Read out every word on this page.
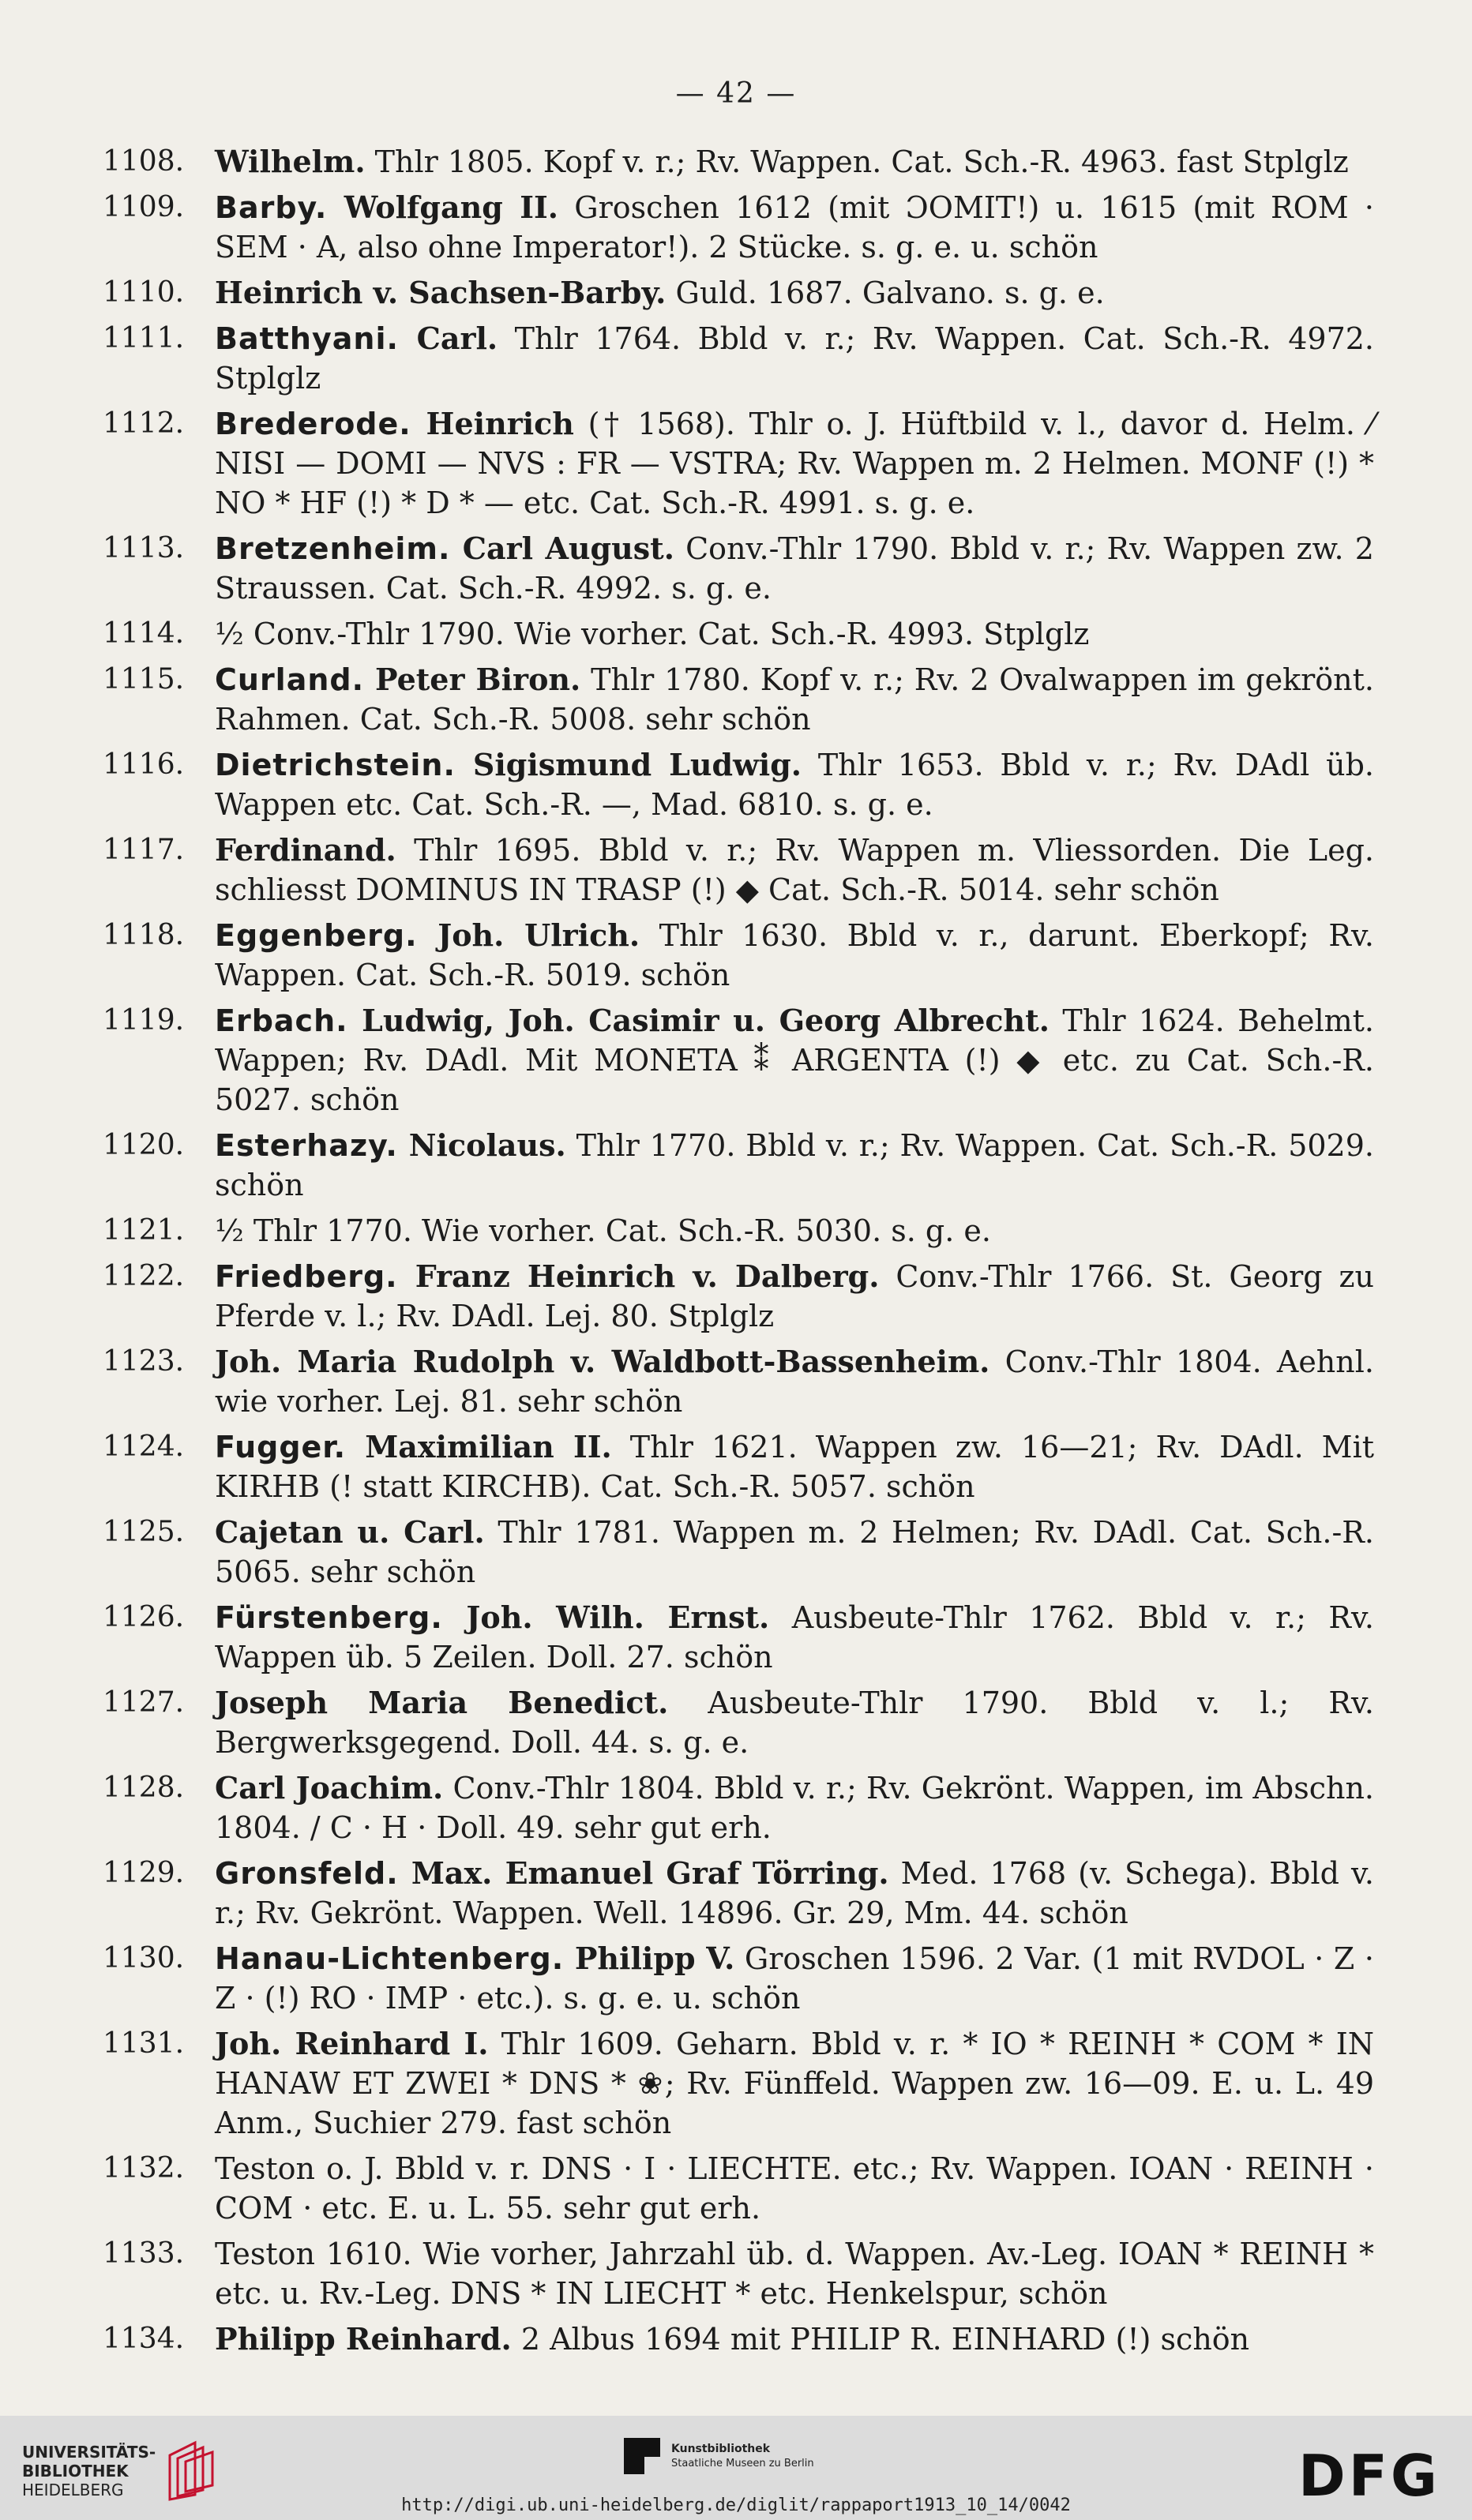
— 42 —
1108. Wilhelm. Thlr 1805. Kopf v. r.; Rv. Wappen. Cat. Sch.-R. 4963. fast Stplglz
1109. Barby. Wolfgang II. Groschen 1612 (mit ƆOMIT!) u. 1615 (mit ROM · SEM · A, also ohne Imperator!). 2 Stücke. s. g. e. u. schön
1110. Heinrich v. Sachsen-Barby. Guld. 1687. Galvano. s. g. e.
1111. Batthyani. Carl. Thlr 1764. Bbld v. r.; Rv. Wappen. Cat. Sch.-R. 4972. Stplglz
1112. Brederode. Heinrich († 1568). Thlr o. J. Hüftbild v. l., davor d. Helm. ⁄ NISI — DOMI — NVS : FR — VSTRA; Rv. Wappen m. 2 Helmen. MONF (!) * NO * HF (!) * D * — etc. Cat. Sch.-R. 4991. s. g. e.
1113. Bretzenheim. Carl August. Conv.-Thlr 1790. Bbld v. r.; Rv. Wappen zw. 2 Straussen. Cat. Sch.-R. 4992. s. g. e.
1114. ½ Conv.-Thlr 1790. Wie vorher. Cat. Sch.-R. 4993. Stplglz
1115. Curland. Peter Biron. Thlr 1780. Kopf v. r.; Rv. 2 Ovalwappen im gekrönt. Rahmen. Cat. Sch.-R. 5008. sehr schön
1116. Dietrichstein. Sigismund Ludwig. Thlr 1653. Bbld v. r.; Rv. DAdl üb. Wappen etc. Cat. Sch.-R. —, Mad. 6810. s. g. e.
1117. Ferdinand. Thlr 1695. Bbld v. r.; Rv. Wappen m. Vliessorden. Die Leg. schliesst DOMINUS IN TRASP (!) ◆ Cat. Sch.-R. 5014. sehr schön
1118. Eggenberg. Joh. Ulrich. Thlr 1630. Bbld v. r., darunt. Eberkopf; Rv. Wappen. Cat. Sch.-R. 5019. schön
1119. Erbach. Ludwig, Joh. Casimir u. Georg Albrecht. Thlr 1624. Behelmt. Wappen; Rv. DAdl. Mit MONETA ⁑ ARGENTA (!) ◆ etc. zu Cat. Sch.-R. 5027. schön
1120. Esterhazy. Nicolaus. Thlr 1770. Bbld v. r.; Rv. Wappen. Cat. Sch.-R. 5029. schön
1121. ½ Thlr 1770. Wie vorher. Cat. Sch.-R. 5030. s. g. e.
1122. Friedberg. Franz Heinrich v. Dalberg. Conv.-Thlr 1766. St. Georg zu Pferde v. l.; Rv. DAdl. Lej. 80. Stplglz
1123. Joh. Maria Rudolph v. Waldbott-Bassenheim. Conv.-Thlr 1804. Aehnl. wie vorher. Lej. 81. sehr schön
1124. Fugger. Maximilian II. Thlr 1621. Wappen zw. 16—21; Rv. DAdl. Mit KIRHB (! statt KIRCHB). Cat. Sch.-R. 5057. schön
1125. Cajetan u. Carl. Thlr 1781. Wappen m. 2 Helmen; Rv. DAdl. Cat. Sch.-R. 5065. sehr schön
1126. Fürstenberg. Joh. Wilh. Ernst. Ausbeute-Thlr 1762. Bbld v. r.; Rv. Wappen üb. 5 Zeilen. Doll. 27. schön
1127. Joseph Maria Benedict. Ausbeute-Thlr 1790. Bbld v. l.; Rv. Bergwerksgegend. Doll. 44. s. g. e.
1128. Carl Joachim. Conv.-Thlr 1804. Bbld v. r.; Rv. Gekrönt. Wappen, im Abschn. 1804. / C · H · Doll. 49. sehr gut erh.
1129. Gronsfeld. Max. Emanuel Graf Törring. Med. 1768 (v. Schega). Bbld v. r.; Rv. Gekrönt. Wappen. Well. 14896. Gr. 29, Mm. 44. schön
1130. Hanau-Lichtenberg. Philipp V. Groschen 1596. 2 Var. (1 mit RVDOL · Z · Z · (!) RO · IMP · etc.). s. g. e. u. schön
1131. Joh. Reinhard I. Thlr 1609. Geharn. Bbld v. r. * IO * REINH * COM * IN HANAW ET ZWEI * DNS * ❀; Rv. Fünffeld. Wappen zw. 16—09. E. u. L. 49 Anm., Suchier 279. fast schön
1132. Teston o. J. Bbld v. r. DNS · I · LIECHTE. etc.; Rv. Wappen. IOAN · REINH · COM · etc. E. u. L. 55. sehr gut erh.
1133. Teston 1610. Wie vorher, Jahrzahl üb. d. Wappen. Av.-Leg. IOAN * REINH * etc. u. Rv.-Leg. DNS * IN LIECHT * etc. Henkelspur, schön
1134. Philipp Reinhard. 2 Albus 1694 mit PHILIP R. EINHARD (!) schön
UNIVERSITÄTS-
BIBLIOTHEK
HEIDELBERG
Kunstbibliothek
Staatliche Museen zu Berlin	DFG
http://digi.ub.uni-heidelberg.de/diglit/rappaport1913_10_14/0042
